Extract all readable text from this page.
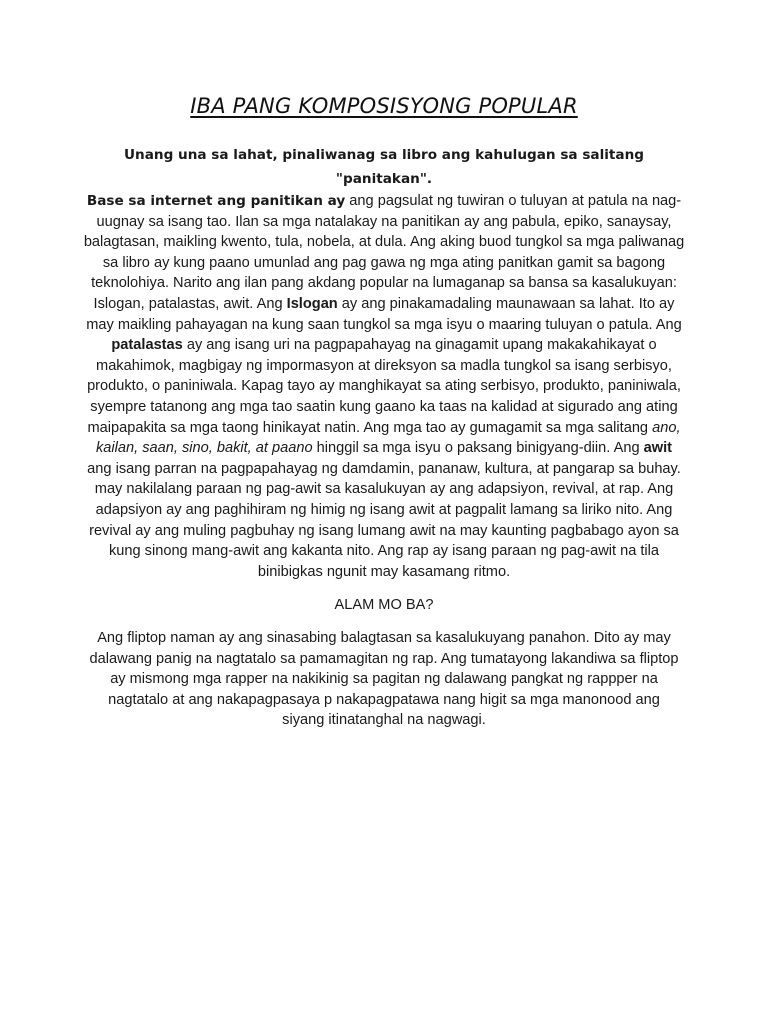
IBA PANG KOMPOSISYONG POPULAR
Unang una sa lahat, pinaliwanag sa libro ang kahulugan sa salitang "panitakan".
Base sa internet ang panitikan ay ang pagsulat ng tuwiran o tuluyan at patula na nag-uugnay sa isang tao. Ilan sa mga natalakay na panitikan ay ang pabula, epiko, sanaysay, balagtasan, maikling kwento, tula, nobela, at dula. Ang aking buod tungkol sa mga paliwanag sa libro ay kung paano umunlad ang pag gawa ng mga ating panitkan gamit sa bagong teknolohiya. Narito ang ilan pang akdang popular na lumaganap sa bansa sa kasalukuyan: Islogan, patalastas, awit. Ang Islogan ay ang pinakamadaling maunawaan sa lahat. Ito ay may maikling pahayagan na kung saan tungkol sa mga isyu o maaring tuluyan o patula. Ang patalastas ay ang isang uri na pagpapahayag na ginagamit upang makakahikayat o makahimok, magbigay ng impormasyon at direksyon sa madla tungkol sa isang serbisyo, produkto, o paniniwala. Kapag tayo ay manghikayat sa ating serbisyo, produkto, paniniwala, syempre tatanong ang mga tao saatin kung gaano ka taas na kalidad at sigurado ang ating maipapakita sa mga taong hinikayat natin. Ang mga tao ay gumagamit sa mga salitang ano, kailan, saan, sino, bakit, at paano hinggil sa mga isyu o paksang binigyang-diin. Ang awit ang isang parran na pagpapahayag ng damdamin, pananaw, kultura, at pangarap sa buhay. may nakilalang paraan ng pag-awit sa kasalukuyan ay ang adapsiyon, revival, at rap. Ang adapsiyon ay ang paghihiram ng himig ng isang awit at pagpalit lamang sa liriko nito. Ang revival ay ang muling pagbuhay ng isang lumang awit na may kaunting pagbabago ayon sa kung sinong mang-awit ang kakanta nito. Ang rap ay isang paraan ng pag-awit na tila binibigkas ngunit may kasamang ritmo.
ALAM MO BA?

Ang fliptop naman ay ang sinasabing balagtasan sa kasalukuyang panahon. Dito ay may dalawang panig na nagtatalo sa pamamagitan ng rap. Ang tumatayong lakandiwa sa fliptop ay mismong mga rapper na nakikinig sa pagitan ng dalawang pangkat ng rappper na nagtatalo at ang nakapagpasaya p nakapagpatawa nang higit sa mga manonood ang siyang itinatanghal na nagwagi.
